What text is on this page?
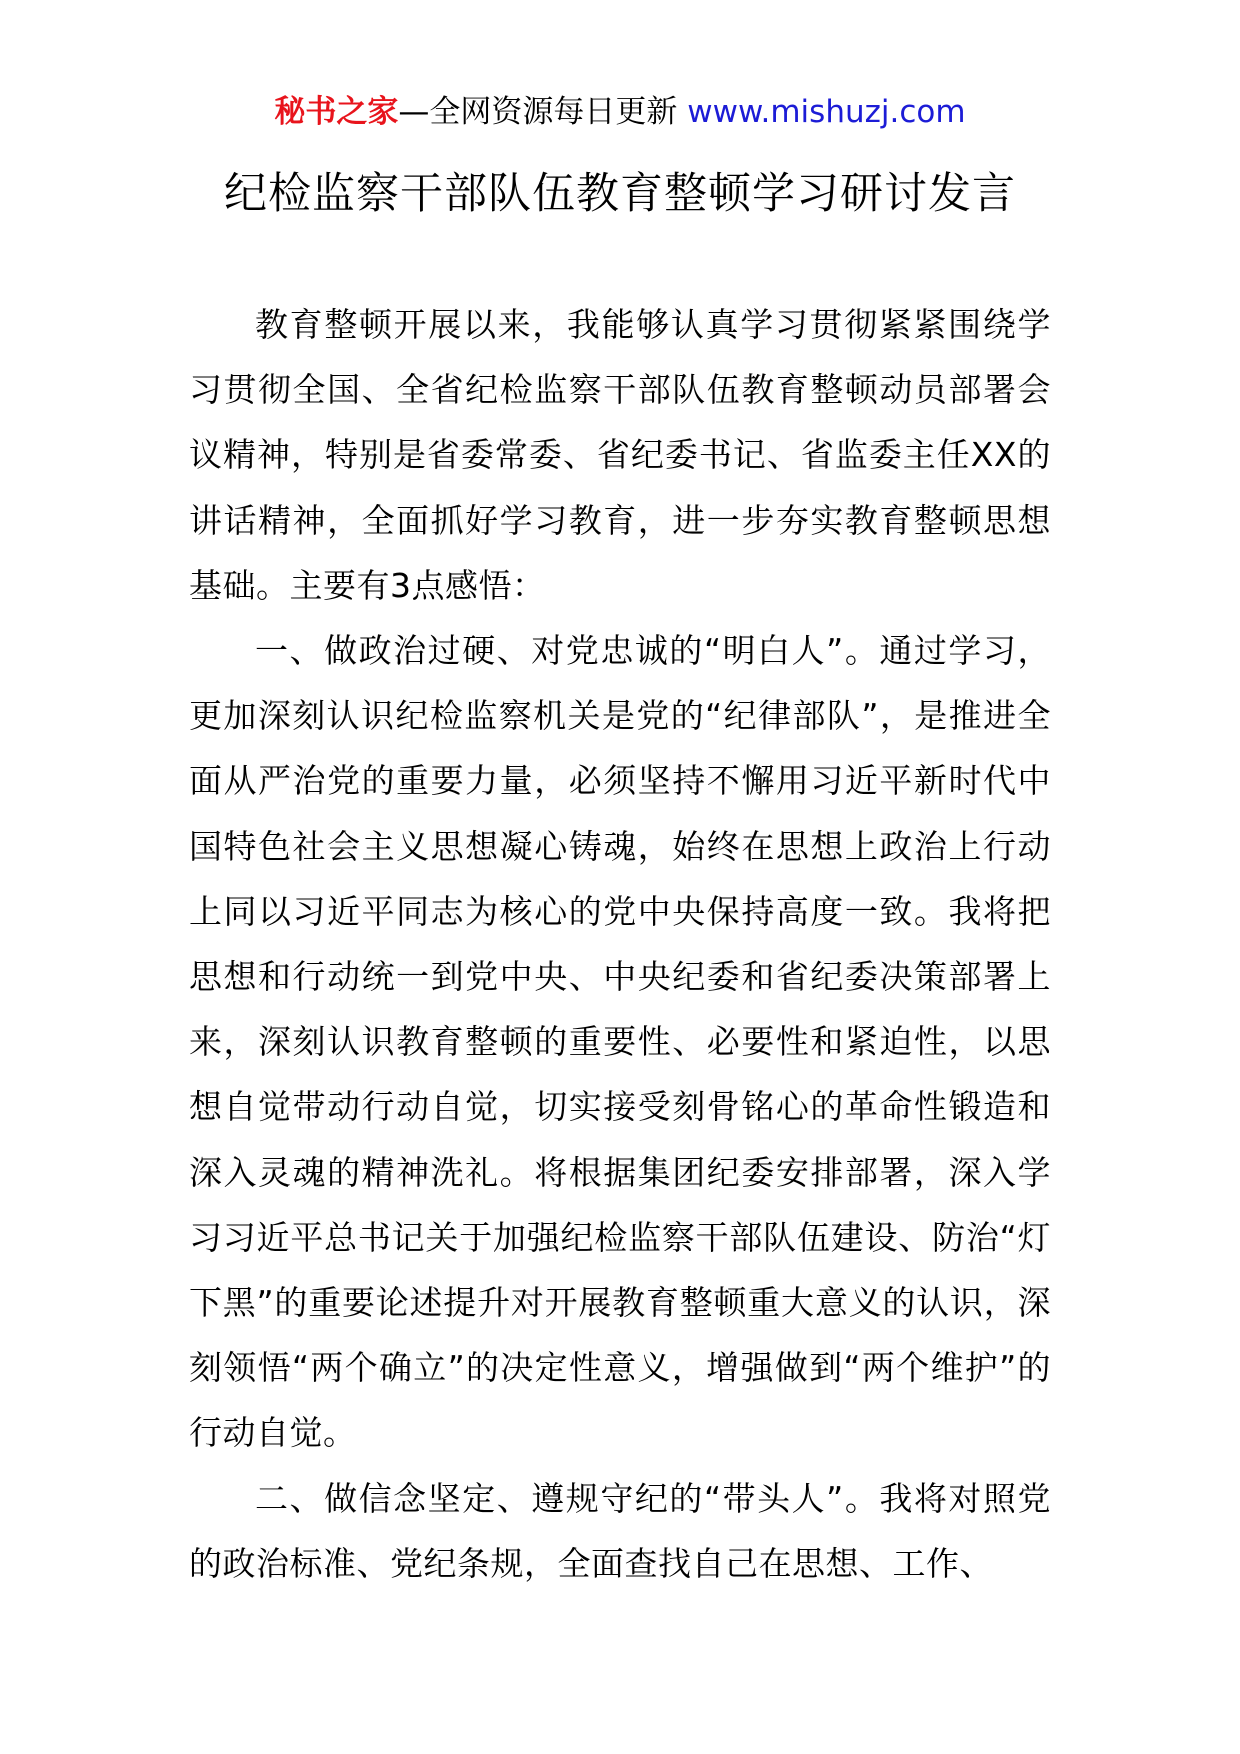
秘书之家—全网资源每日更新 www.mishuzj.com
纪检监察干部队伍教育整顿学习研讨发言

教育整顿开展以来，我能够认真学习贯彻紧紧围绕学习贯彻全国、全省纪检监察干部队伍教育整顿动员部署会议精神，特别是省委常委、省纪委书记、省监委主任XX的讲话精神，全面抓好学习教育，进一步夯实教育整顿思想基础。主要有3点感悟：

一、做政治过硬、对党忠诚的“明白人”。通过学习，更加深刻认识纪检监察机关是党的“纪律部队”，是推进全面从严治党的重要力量，必须坚持不懈用习近平新时代中国特色社会主义思想凝心铸魂，始终在思想上政治上行动上同以习近平同志为核心的党中央保持高度一致。我将把思想和行动统一到党中央、中央纪委和省纪委决策部署上来，深刻认识教育整顿的重要性、必要性和紧迫性，以思想自觉带动行动自觉，切实接受刻骨铭心的革命性锻造和深入灵魂的精神洗礼。将根据集团纪委安排部署，深入学习习近平总书记关于加强纪检监察干部队伍建设、防治“灯下黑”的重要论述提升对开展教育整顿重大意义的认识，深刻领悟“两个确立”的决定性意义，增强做到“两个维护”的行动自觉。

二、做信念坚定、遵规守纪的“带头人”。我将对照党的政治标准、党纪条规，全面查找自己在思想、工作、
